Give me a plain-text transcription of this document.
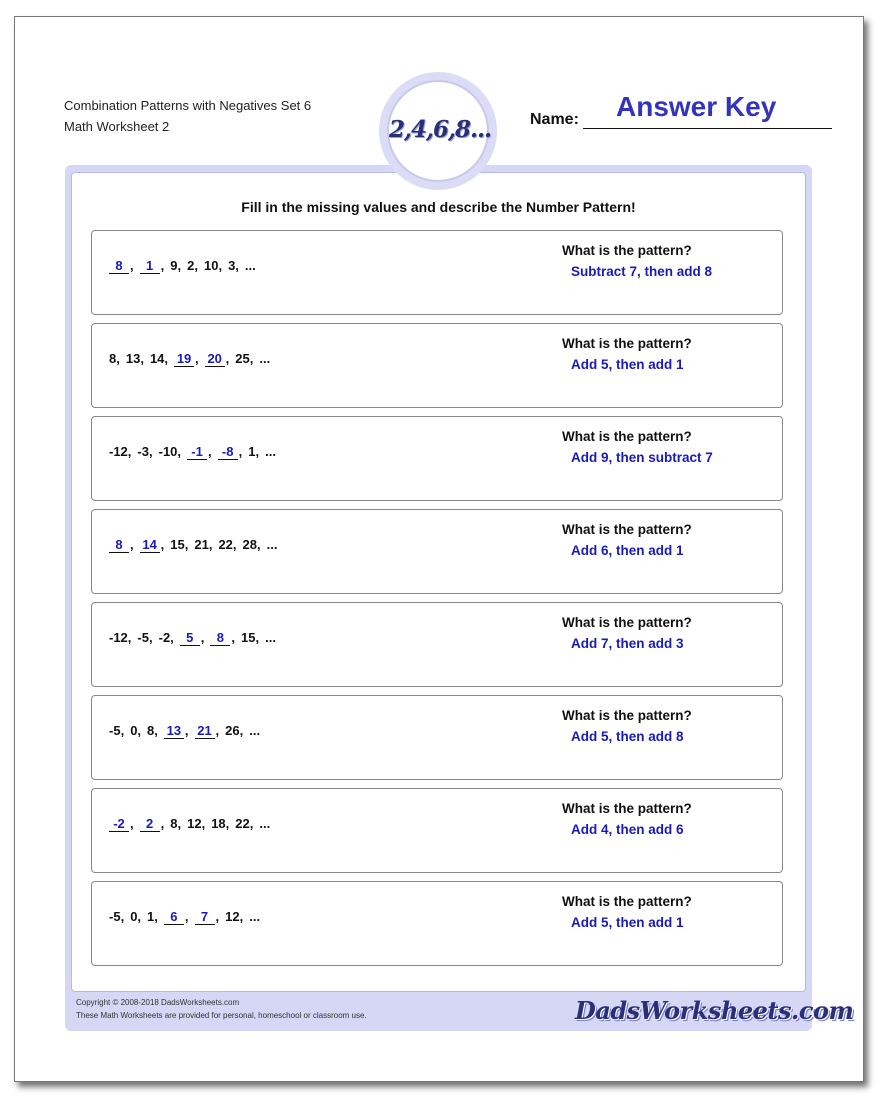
Combination Patterns with Negatives Set 6
Math Worksheet 2	Name: Answer Key
Fill in the missing values and describe the Number Pattern!
8 , 1 , 9, 2, 10, 3, ...
What is the pattern?
Subtract 7, then add 8
8, 13, 14, 19 , 20 , 25, ...
What is the pattern?
Add 5, then add 1
-12, -3, -10, -1 , -8 , 1, ...
What is the pattern?
Add 9, then subtract 7
8 , 14 , 15, 21, 22, 28, ...
What is the pattern?
Add 6, then add 1
-12, -5, -2, 5 , 8 , 15, ...
What is the pattern?
Add 7, then add 3
-5, 0, 8, 13 , 21 , 26, ...
What is the pattern?
Add 5, then add 8
-2 , 2 , 8, 12, 18, 22, ...
What is the pattern?
Add 4, then add 6
-5, 0, 1, 6 , 7 , 12, ...
What is the pattern?
Add 5, then add 1
Copyright © 2008-2018 DadsWorksheets.com
These Math Worksheets are provided for personal, homeschool or classroom use.	DadsWorksheets.com
2,4,6,8...
